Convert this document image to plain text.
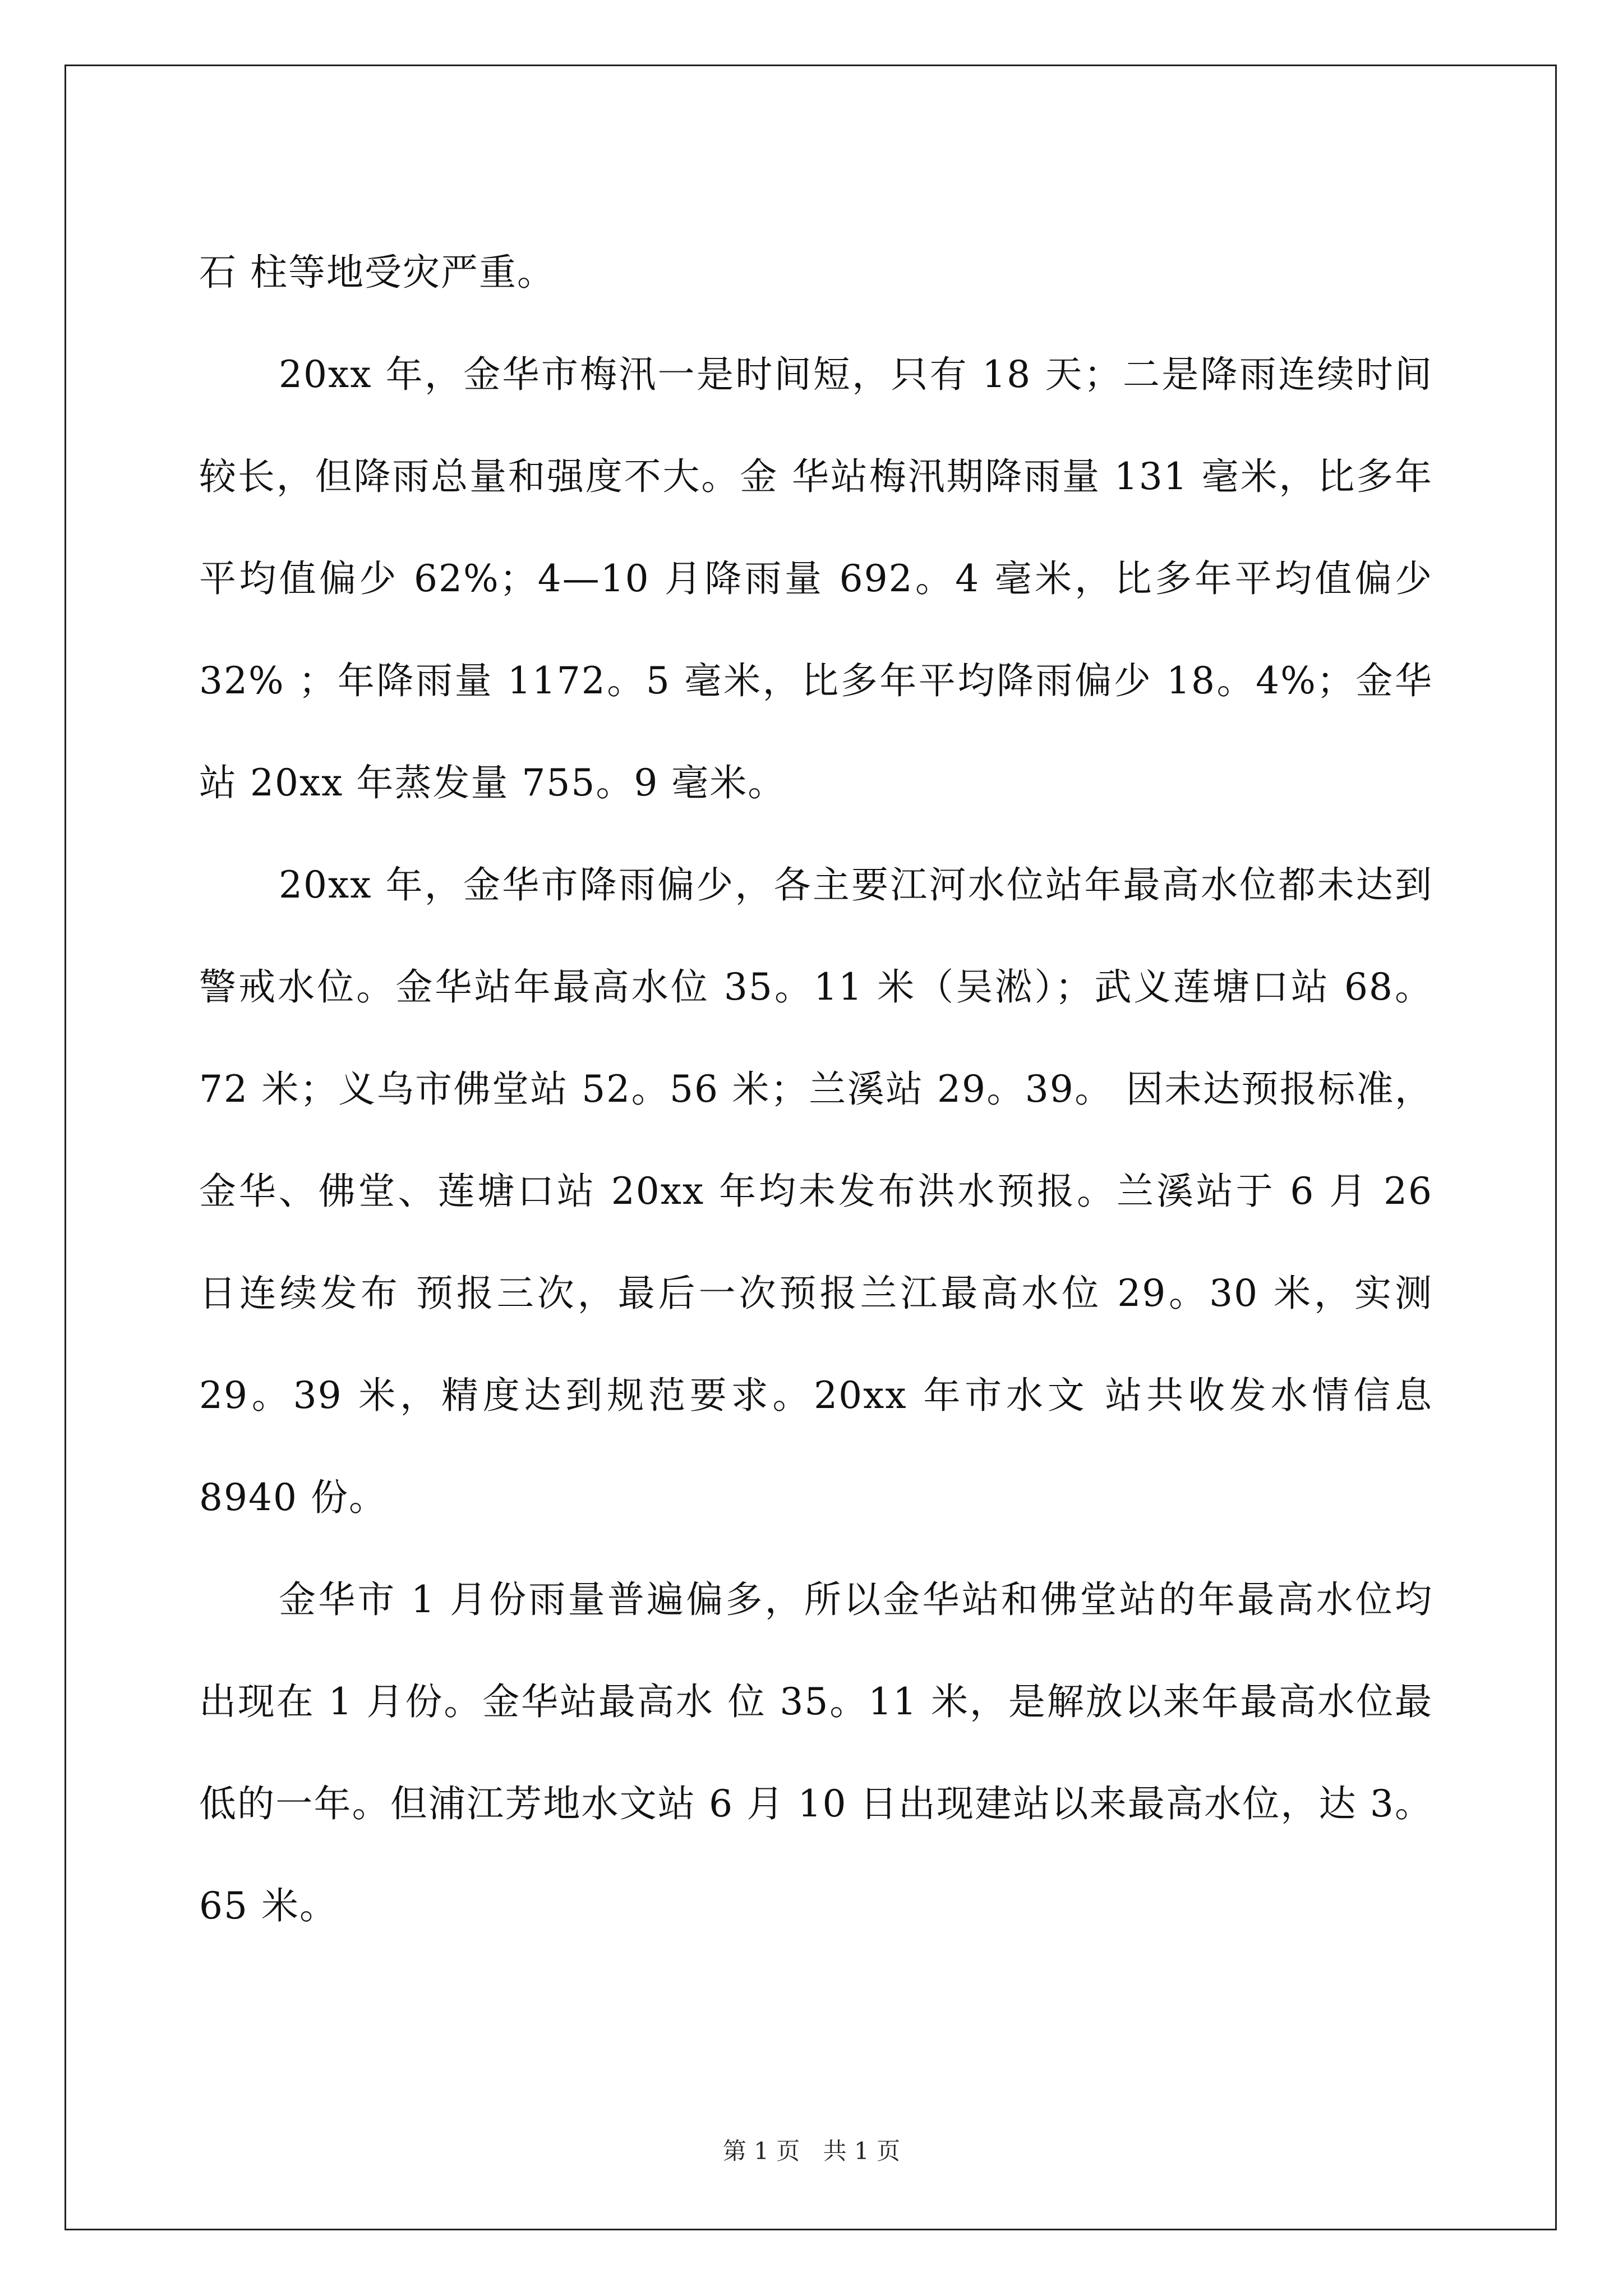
石 柱等地受灾严重。

20xx 年，金华市梅汛一是时间短，只有 18 天；二是降雨连续时间较长，但降雨总量和强度不大。金 华站梅汛期降雨量 131 毫米，比多年平均值偏少 62%；4—10 月降雨量 692。4 毫米，比多年平均值偏少 32% ；年降雨量 1172。5 毫米，比多年平均降雨偏少 18。4%；金华站 20xx 年蒸发量 755。9 毫米。

20xx 年，金华市降雨偏少，各主要江河水位站年最高水位都未达到警戒水位。金华站年最高水位 35。11 米（吴淞）；武义莲塘口站 68。72 米；义乌市佛堂站 52。56 米；兰溪站 29。39。 因未达预报标准，金华、佛堂、莲塘口站 20xx 年均未发布洪水预报。兰溪站于 6 月 26 日连续发布 预报三次，最后一次预报兰江最高水位 29。30 米，实测 29。39 米，精度达到规范要求。20xx 年市水文 站共收发水情信息 8940 份。

金华市 1 月份雨量普遍偏多，所以金华站和佛堂站的年最高水位均出现在 1 月份。金华站最高水 位 35。11 米，是解放以来年最高水位最低的一年。但浦江芳地水文站 6 月 10 日出现建站以来最高水位，达 3。65 米。

第 1 页 共 1 页
